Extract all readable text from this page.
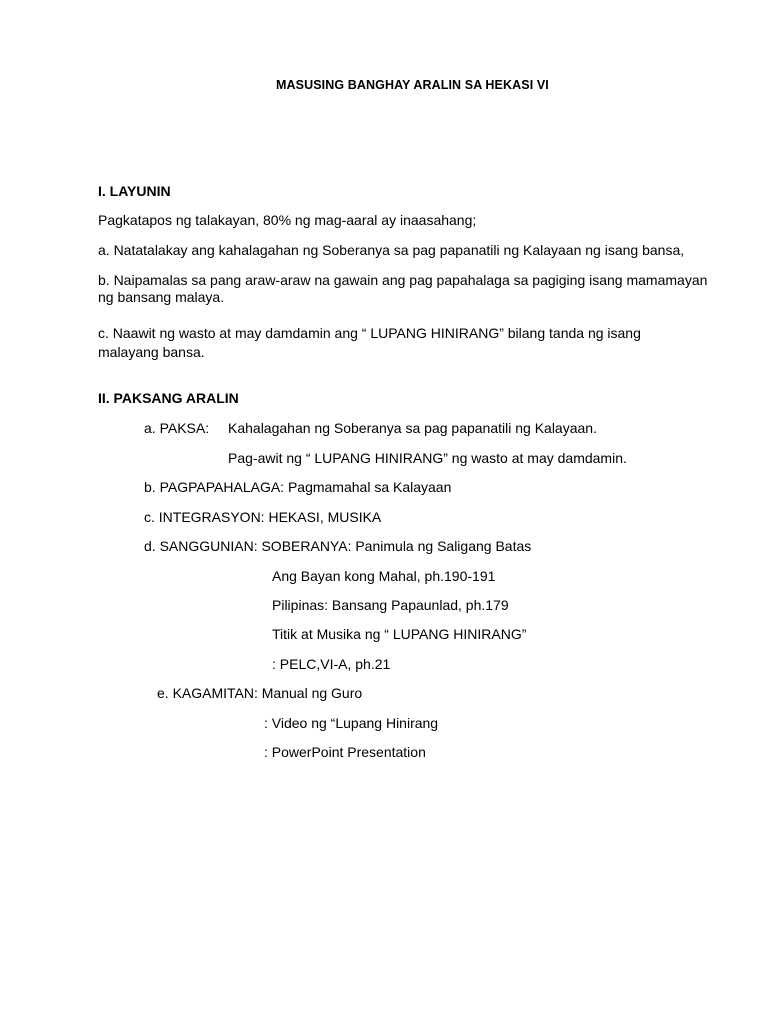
MASUSING BANGHAY ARALIN SA HEKASI VI
I. LAYUNIN
Pagkatapos ng talakayan, 80% ng mag-aaral ay inaasahang;
a. Natatalakay ang kahalagahan ng Soberanya sa pag papanatili ng Kalayaan ng isang bansa,
b. Naipamalas sa pang araw-araw na gawain ang pag papahalaga sa pagiging isang mamamayan
ng bansang malaya.
c. Naawit ng wasto at may damdamin ang “ LUPANG HINIRANG” bilang tanda ng isang
malayang bansa.
II. PAKSANG ARALIN
a. PAKSA: Kahalagahan ng Soberanya sa pag papanatili ng Kalayaan.
Pag-awit ng “ LUPANG HINIRANG” ng wasto at may damdamin.
b. PAGPAPAHALAGA: Pagmamahal sa Kalayaan
c. INTEGRASYON: HEKASI, MUSIKA
d. SANGGUNIAN: SOBERANYA: Panimula ng Saligang Batas
Ang Bayan kong Mahal, ph.190-191
Pilipinas: Bansang Papaunlad, ph.179
Titik at Musika ng “ LUPANG HINIRANG”
: PELC,VI-A, ph.21
e. KAGAMITAN: Manual ng Guro
: Video ng “Lupang Hinirang
: PowerPoint Presentation
